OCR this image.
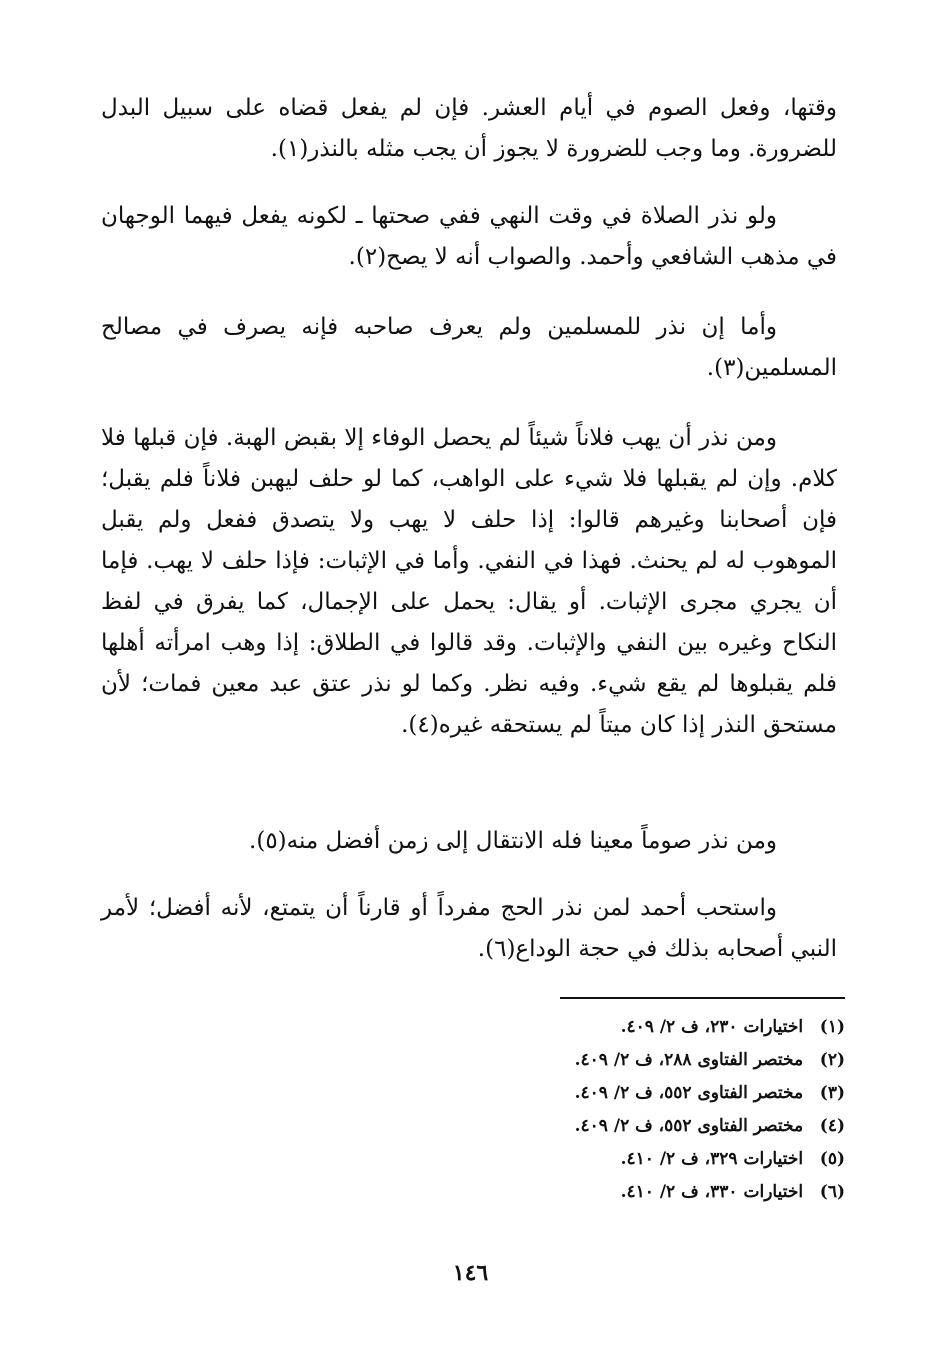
وقتها، وفعل الصوم في أيام العشر. فإن لم يفعل قضاه على سبيل البدل للضرورة. وما وجب للضرورة لا يجوز أن يجب مثله بالنذر(١).

ولو نذر الصلاة في وقت النهي ففي صحتها ـ لكونه يفعل فيهما الوجهان في مذهب الشافعي وأحمد. والصواب أنه لا يصح(٢).

وأما إن نذر للمسلمين ولم يعرف صاحبه فإنه يصرف في مصالح المسلمين(٣).

ومن نذر أن يهب فلاناً شيئاً لم يحصل الوفاء إلا بقبض الهبة. فإن قبلها فلا كلام. وإن لم يقبلها فلا شيء على الواهب، كما لو حلف ليهبن فلاناً فلم يقبل؛ فإن أصحابنا وغيرهم قالوا: إذا حلف لا يهب ولا يتصدق ففعل ولم يقبل الموهوب له لم يحنث. فهذا في النفي. وأما في الإثبات: فإذا حلف لا يهب. فإما أن يجري مجرى الإثبات. أو يقال: يحمل على الإجمال، كما يفرق في لفظ النكاح وغيره بين النفي والإثبات. وقد قالوا في الطلاق: إذا وهب امرأته أهلها فلم يقبلوها لم يقع شيء. وفيه نظر. وكما لو نذر عتق عبد معين فمات؛ لأن مستحق النذر إذا كان ميتاً لم يستحقه غيره(٤).

ومن نذر صوماً معينا فله الانتقال إلى زمن أفضل منه(٥).

واستحب أحمد لمن نذر الحج مفرداً أو قارناً أن يتمتع، لأنه أفضل؛ لأمر النبي أصحابه بذلك في حجة الوداع(٦).

(١) اختيارات ٢٣٠، ف ٢/ ٤٠٩.
(٢) مختصر الفتاوى ٢٨٨، ف ٢/ ٤٠٩.
(٣) مختصر الفتاوى ٥٥٢، ف ٢/ ٤٠٩.
(٤) مختصر الفتاوى ٥٥٢، ف ٢/ ٤٠٩.
(٥) اختيارات ٣٢٩، ف ٢/ ٤١٠.
(٦) اختيارات ٣٣٠، ف ٢/ ٤١٠.
١٤٦
